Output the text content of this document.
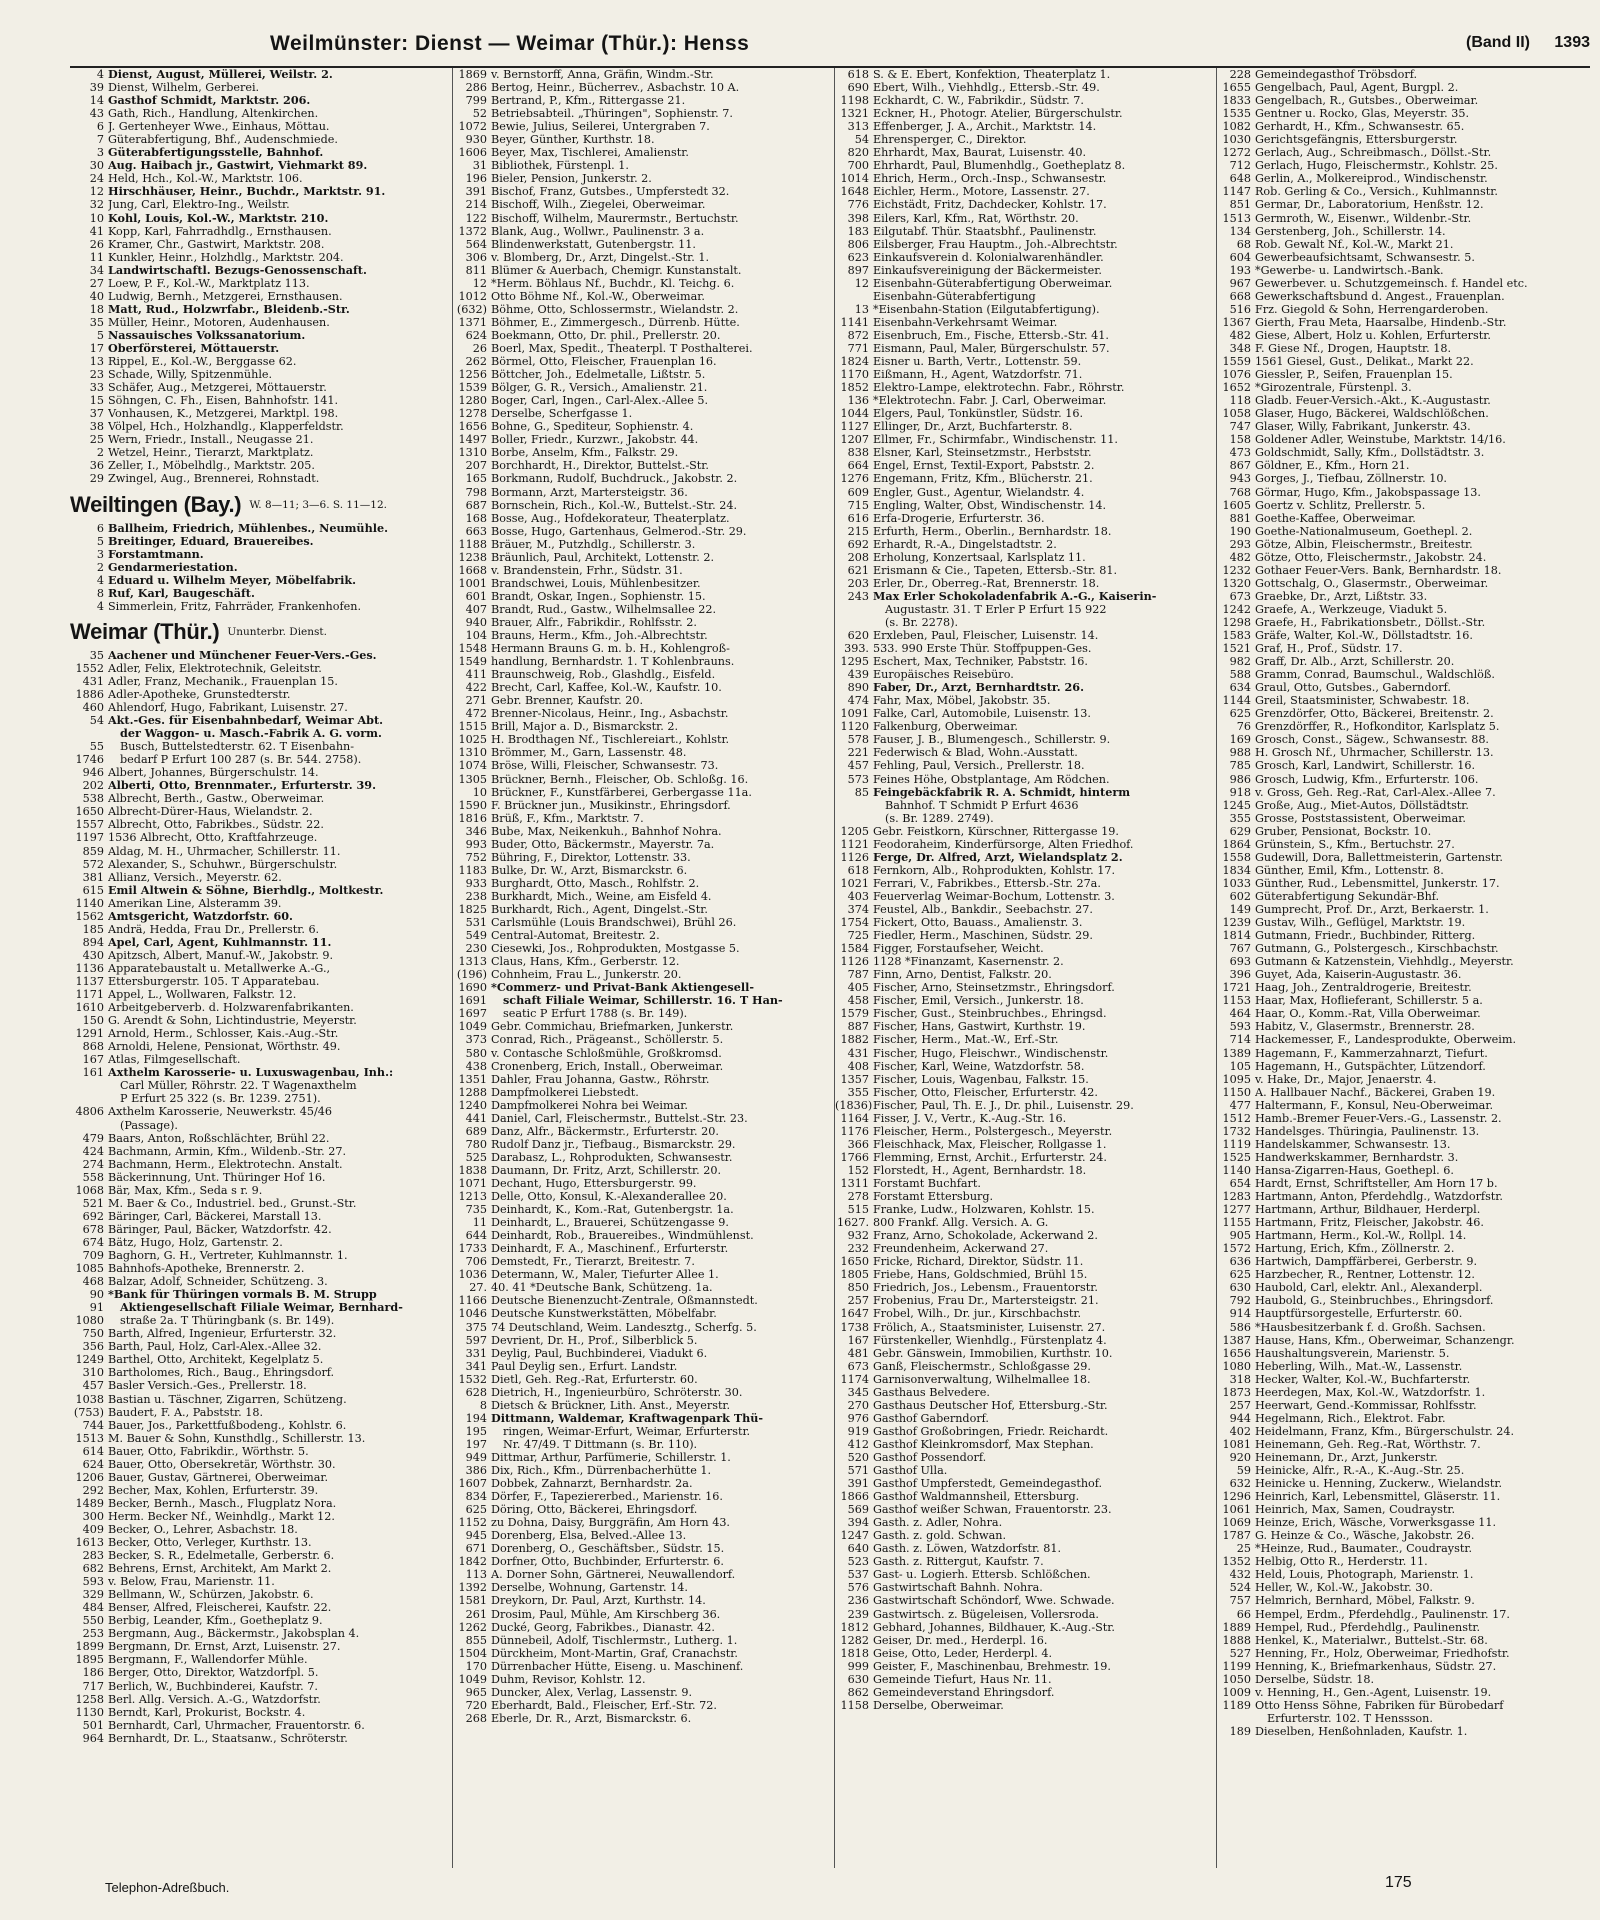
Weilmünster: Dienst — Weimar (Thür.): Henss	(Band II) 1393
4 Dienst, August, Müllerei, Weilstr. 2.
39 Dienst, Wilhelm, Gerberei.
14 Gasthof Schmidt, Marktstr. 206.
43 Gath, Rich., Handlung, Altenkirchen.
6 J. Gertenheyer Wwe., Einhaus, Möttau.
7 Güterabfertigung, Bhf., Audenschmiede.
3 Güterabfertigungsstelle, Bahnhof.
30 Aug. Haibach jr., Gastwirt, Viehmarkt 89.
24 Held, Hch., Kol.-W., Marktstr. 106.
12 Hirschhäuser, Heinr., Buchdr., Marktstr. 91.
32 Jung, Carl, Elektro-Ing., Weilstr.
10 Kohl, Louis, Kol.-W., Marktstr. 210.
41 Kopp, Karl, Fahrradhdlg., Ernsthausen.
26 Kramer, Chr., Gastwirt, Marktstr. 208.
11 Kunkler, Heinr., Holzhdlg., Marktstr. 204.
34 Landwirtschaftl. Bezugs-Genossenschaft.
27 Loew, P. F., Kol.-W., Marktplatz 113.
40 Ludwig, Bernh., Metzgerei, Ernsthausen.
18 Matt, Rud., Holzwrfabr., Bleidenb.-Str.
35 Müller, Heinr., Motoren, Audenhausen.
5 Nassauisches Volkssanatorium.
17 Oberförsterei, Möttauerstr.
13 Rippel, E., Kol.-W., Berggasse 62.
23 Schade, Willy, Spitzenmühle.
33 Schäfer, Aug., Metzgerei, Möttauerstr.
15 Söhngen, C. Fh., Eisen, Bahnhofstr. 141.
37 Vonhausen, K., Metzgerei, Marktpl. 198.
38 Völpel, Hch., Holzhandlg., Klapperfeldstr.
25 Wern, Friedr., Install., Neugasse 21.
2 Wetzel, Heinr., Tierarzt, Marktplatz.
36 Zeller, I., Möbelhdlg., Marktstr. 205.
29 Zwingel, Aug., Brennerei, Rohnstadt.
Weiltingen (Bay.) W. 8—11; 3—6. S. 11—12.
6 Ballheim, Friedrich, Mühlenbes., Neumühle.
5 Breitinger, Eduard, Brauereibes.
3 Forstamtmann.
2 Gendarmeriestation.
4 Eduard u. Wilhelm Meyer, Möbelfabrik.
8 Ruf, Karl, Baugeschäft.
4 Simmerlein, Fritz, Fahrräder, Frankenhofen.
Weimar (Thür.) Ununterbr. Dienst.
35 Aachener und Münchener Feuer-Vers.-Ges.
1552 Adler, Felix, Elektrotechnik, Geleitstr.
431 Adler, Franz, Mechanik., Frauenplan 15.
1886 Adler-Apotheke, Grunstedterstr.
460 Ahlendorf, Hugo, Fabrikant, Luisenstr. 27.
54 Akt.-Ges. für Eisenbahnbedarf, Weimar Abt.
der Waggon- u. Masch.-Fabrik A. G. vorm.
55	Busch, Buttelstedterstr. 62. T Eisenbahn-
1746	bedarf P Erfurt 100 287 (s. Br. 544. 2758).
946 Albert, Johannes, Bürgerschulstr. 14.
202 Alberti, Otto, Brennmater., Erfurterstr. 39.
538 Albrecht, Berth., Gastw., Oberweimar.
1650 Albrecht-Dürer-Haus, Wielandstr. 2.
1557 Albrecht, Otto, Fabrikbes., Südstr. 22.
1197 1536 Albrecht, Otto, Kraftfahrzeuge.
859 Aldag, M. H., Uhrmacher, Schillerstr. 11.
572 Alexander, S., Schuhwr., Bürgerschulstr.
381 Allianz, Versich., Meyerstr. 62.
615 Emil Altwein & Söhne, Bierhdlg., Moltkestr.
1140 Amerikan Line, Alsteramm 39.
1562 Amtsgericht, Watzdorfstr. 60.
185 Andrä, Hedda, Frau Dr., Prellerstr. 6.
894 Apel, Carl, Agent, Kuhlmannstr. 11.
430 Apitzsch, Albert, Manuf.-W., Jakobstr. 9.
1136 Apparatebaustalt u. Metallwerke A.-G.,
1137 Ettersburgerstr. 105. T Apparatebau.
1171 Appel, L., Wollwaren, Falkstr. 12.
1610 Arbeitgeberverb. d. Holzwarenfabrikanten.
150 G. Arendt & Sohn, Lichtindustrie, Meyerstr.
1291 Arnold, Herm., Schlosser, Kais.-Aug.-Str.
868 Arnoldi, Helene, Pensionat, Wörthstr. 49.
167 Atlas, Filmgesellschaft.
161 Axthelm Karosserie- u. Luxuswagenbau, Inh.:
Carl Müller, Röhrstr. 22. T Wagenaxthelm
P Erfurt 25 322 (s. Br. 1239. 2751).
4806 Axthelm Karosserie, Neuwerkstr. 45/46
(Passage).
479 Baars, Anton, Roßschlächter, Brühl 22.
424 Bachmann, Armin, Kfm., Wildenb.-Str. 27.
274 Bachmann, Herm., Elektrotechn. Anstalt.
558 Bäckerinnung, Unt. Thüringer Hof 16.
1068 Bär, Max, Kfm., Seda s r. 9.
521 M. Baer & Co., Industriel. bed., Grunst.-Str.
692 Bäringer, Carl, Bäckerei, Marstall 13.
678 Bäringer, Paul, Bäcker, Watzdorfstr. 42.
674 Bätz, Hugo, Holz, Gartenstr. 2.
709 Baghorn, G. H., Vertreter, Kuhlmannstr. 1.
1085 Bahnhofs-Apotheke, Brennerstr. 2.
468 Balzar, Adolf, Schneider, Schützeng. 3.
90 *Bank für Thüringen vormals B. M. Strupp
91	Aktiengesellschaft Filiale Weimar, Bernhard-
1080	straße 2a. T Thüringbank (s. Br. 149).
750 Barth, Alfred, Ingenieur, Erfurterstr. 32.
356 Barth, Paul, Holz, Carl-Alex.-Allee 32.
1249 Barthel, Otto, Architekt, Kegelplatz 5.
310 Bartholomes, Rich., Baug., Ehringsdorf.
457 Basler Versich.-Ges., Prellerstr. 18.
1038 Bastian u. Täschner, Zigarren, Schützeng.
(753) Baudert, F. A., Pabststr. 18.
744 Bauer, Jos., Parkettfußbodeng., Kohlstr. 6.
1513 M. Bauer & Sohn, Kunsthdlg., Schillerstr. 13.
614 Bauer, Otto, Fabrikdir., Wörthstr. 5.
624 Bauer, Otto, Obersekretär, Wörthstr. 30.
1206 Bauer, Gustav, Gärtnerei, Oberweimar.
292 Becher, Max, Kohlen, Erfurterstr. 39.
1489 Becker, Bernh., Masch., Flugplatz Nora.
300 Herm. Becker Nf., Weinhdlg., Markt 12.
409 Becker, O., Lehrer, Asbachstr. 18.
1613 Becker, Otto, Verleger, Kurthstr. 13.
283 Becker, S. R., Edelmetalle, Gerberstr. 6.
682 Behrens, Ernst, Architekt, Am Markt 2.
593 v. Below, Frau, Marienstr. 11.
329 Bellmann, W., Schürzen, Jakobstr. 6.
484 Benser, Alfred, Fleischerei, Kaufstr. 22.
550 Berbig, Leander, Kfm., Goetheplatz 9.
253 Bergmann, Aug., Bäckermstr., Jakobsplan 4.
1899 Bergmann, Dr. Ernst, Arzt, Luisenstr. 27.
1895 Bergmann, F., Wallendorfer Mühle.
186 Berger, Otto, Direktor, Watzdorfpl. 5.
717 Berlich, W., Buchbinderei, Kaufstr. 7.
1258 Berl. Allg. Versich. A.-G., Watzdorfstr.
1130 Berndt, Karl, Prokurist, Bockstr. 4.
501 Bernhardt, Carl, Uhrmacher, Frauentorstr. 6.
964 Bernhardt, Dr. L., Staatsanw., Schröterstr.
1869 v. Bernstorff, Anna, Gräfin, Windm.-Str.
286 Bertog, Heinr., Bücherrev., Asbachstr. 10 A.
799 Bertrand, P., Kfm., Rittergasse 21.
52 Betriebsabteil. „Thüringen", Sophienstr. 7.
1072 Bewie, Julius, Seilerei, Untergraben 7.
930 Beyer, Günther, Kurthstr. 18.
1606 Beyer, Max, Tischlerei, Amalienstr.
31 Bibliothek, Fürstenpl. 1.
196 Bieler, Pension, Junkerstr. 2.
391 Bischof, Franz, Gutsbes., Umpferstedt 32.
214 Bischoff, Wilh., Ziegelei, Oberweimar.
122 Bischoff, Wilhelm, Maurermstr., Bertuchstr.
1372 Blank, Aug., Wollwr., Paulinenstr. 3 a.
564 Blindenwerkstatt, Gutenbergstr. 11.
306 v. Blomberg, Dr., Arzt, Dingelst.-Str. 1.
811 Blümer & Auerbach, Chemigr. Kunstanstalt.
12 *Herm. Böhlaus Nf., Buchdr., Kl. Teichg. 6.
1012 Otto Böhme Nf., Kol.-W., Oberweimar.
(632) Böhme, Otto, Schlossermstr., Wielandstr. 2.
1371 Böhmer, E., Zimmergesch., Dürrenb. Hütte.
624 Boekmann, Otto, Dr. phil., Prellerstr. 20.
26 Boerl, Max, Spedit., Theaterpl. T Posthalterei.
262 Börmel, Otto, Fleischer, Frauenplan 16.
1256 Böttcher, Joh., Edelmetalle, Lißtstr. 5.
1539 Bölger, G. R., Versich., Amalienstr. 21.
1280 Boger, Carl, Ingen., Carl-Alex.-Allee 5.
1278 Derselbe, Scherfgasse 1.
1656 Bohne, G., Spediteur, Sophienstr. 4.
1497 Boller, Friedr., Kurzwr., Jakobstr. 44.
1310 Borbe, Anselm, Kfm., Falkstr. 29.
207 Borchhardt, H., Direktor, Buttelst.-Str.
165 Borkmann, Rudolf, Buchdruck., Jakobstr. 2.
798 Bormann, Arzt, Martersteigstr. 36.
687 Bornschein, Rich., Kol.-W., Buttelst.-Str. 24.
168 Bosse, Aug., Hofdekorateur, Theaterplatz.
663 Bosse, Hugo, Gartenhaus, Gelmerod.-Str. 29.
1188 Bräuer, M., Putzhdlg., Schillerstr. 3.
1238 Bräunlich, Paul, Architekt, Lottenstr. 2.
1668 v. Brandenstein, Frhr., Südstr. 31.
1001 Brandschwei, Louis, Mühlenbesitzer.
601 Brandt, Oskar, Ingen., Sophienstr. 15.
407 Brandt, Rud., Gastw., Wilhelmsallee 22.
940 Brauer, Alfr., Fabrikdir., Rohlfsstr. 2.
104 Brauns, Herm., Kfm., Joh.-Albrechtstr.
1548 Hermann Brauns G. m. b. H., Kohlengroß-
1549 handlung, Bernhardstr. 1. T Kohlenbrauns.
411 Braunschweig, Rob., Glashdlg., Eisfeld.
422 Brecht, Carl, Kaffee, Kol.-W., Kaufstr. 10.
271 Gebr. Brenner, Kaufstr. 20.
472 Brenner-Nicolaus, Heinr., Ing., Asbachstr.
1515 Brill, Major a. D., Bismarckstr. 2.
1025 H. Brodthagen Nf., Tischlereiart., Kohlstr.
1310 Brömmer, M., Garn, Lassenstr. 48.
1074 Bröse, Willi, Fleischer, Schwansestr. 73.
1305 Brückner, Bernh., Fleischer, Ob. Schloßg. 16.
10 Brückner, F., Kunstfärberei, Gerbergasse 11a.
1590 F. Brückner jun., Musikinstr., Ehringsdorf.
1816 Brüß, F., Kfm., Marktstr. 7.
346 Bube, Max, Neikenkuh., Bahnhof Nohra.
993 Buder, Otto, Bäckermstr., Mayerstr. 7a.
752 Bühring, F., Direktor, Lottenstr. 33.
1183 Bulke, Dr. W., Arzt, Bismarckstr. 6.
933 Burghardt, Otto, Masch., Rohlfstr. 2.
238 Burkhardt, Mich., Weine, am Eisfeld 4.
1825 Burkhardt, Rich., Agent, Dingelst.-Str.
531 Carlsmühle (Louis Brandschwei), Brühl 26.
549 Central-Automat, Breitestr. 2.
230 Ciesewki, Jos., Rohprodukten, Mostgasse 5.
1313 Claus, Hans, Kfm., Gerberstr. 12.
(196) Cohnheim, Frau L., Junkerstr. 20.
1690 *Commerz- und Privat-Bank Aktiengesell-
1691	schaft Filiale Weimar, Schillerstr. 16. T Han-
1697	seatic P Erfurt 1788 (s. Br. 149).
1049 Gebr. Commichau, Briefmarken, Junkerstr.
373 Conrad, Rich., Prägeanst., Schöllerstr. 5.
580 v. Contasche Schloßmühle, Großkromsd.
438 Cronenberg, Erich, Install., Oberweimar.
1351 Dahler, Frau Johanna, Gastw., Röhrstr.
1288 Dampfmolkerei Liebstedt.
1240 Dampfmolkerei Nohra bei Weimar.
441 Daniel, Carl, Fleischermstr., Buttelst.-Str. 23.
689 Danz, Alfr., Bäckermstr., Erfurterstr. 20.
780 Rudolf Danz jr., Tiefbaug., Bismarckstr. 29.
525 Darabasz, L., Rohprodukten, Schwansestr.
1838 Daumann, Dr. Fritz, Arzt, Schillerstr. 20.
1071 Dechant, Hugo, Ettersburgerstr. 99.
1213 Delle, Otto, Konsul, K.-Alexanderallee 20.
735 Deinhardt, K., Kom.-Rat, Gutenbergstr. 1a.
11 Deinhardt, L., Brauerei, Schützengasse 9.
644 Deinhardt, Rob., Brauereibes., Windmühlenst.
1733 Deinhardt, F. A., Maschinenf., Erfurterstr.
706 Demstedt, Fr., Tierarzt, Breitestr. 7.
1036 Determann, W., Maler, Tiefurter Allee 1.
27. 40. 41 *Deutsche Bank, Schützeng. 1a.
1166 Deutsche Bienenzucht-Zentrale, Oßmannstedt.
1046 Deutsche Kunstwerkstätten, Möbelfabr.
375 74 Deutschland, Weim. Landesztg., Scherfg. 5.
597 Devrient, Dr. H., Prof., Silberblick 5.
331 Deylig, Paul, Buchbinderei, Viadukt 6.
341 Paul Deylig sen., Erfurt. Landstr.
1532 Dietl, Geh. Reg.-Rat, Erfurterstr. 60.
628 Dietrich, H., Ingenieurbüro, Schröterstr. 30.
8 Dietsch & Brückner, Lith. Anst., Meyerstr.
194 Dittmann, Waldemar, Kraftwagenpark Thü-
195	ringen, Weimar-Erfurt, Weimar, Erfurterstr.
197	Nr. 47/49. T Dittmann (s. Br. 110).
949 Dittmar, Arthur, Parfümerie, Schillerstr. 1.
386 Dix, Rich., Kfm., Dürrenbacherhütte 1.
1607 Dobbek, Zahnarzt, Bernhardstr. 2a.
834 Dörfer, F., Tapeziererbed., Marienstr. 16.
625 Döring, Otto, Bäckerei, Ehringsdorf.
1152 zu Dohna, Daisy, Burggräfin, Am Horn 43.
945 Dorenberg, Elsa, Belved.-Allee 13.
671 Dorenberg, O., Geschäftsber., Südstr. 15.
1842 Dorfner, Otto, Buchbinder, Erfurterstr. 6.
113 A. Dorner Sohn, Gärtnerei, Neuwallendorf.
1392 Derselbe, Wohnung, Gartenstr. 14.
1581 Dreykorn, Dr. Paul, Arzt, Kurthstr. 14.
261 Drosim, Paul, Mühle, Am Kirschberg 36.
1262 Ducké, Georg, Fabrikbes., Dianastr. 42.
855 Dünnebeil, Adolf, Tischlermstr., Lutherg. 1.
1504 Dürckheim, Mont-Martin, Graf, Cranachstr.
170 Dürrenbacher Hütte, Eiseng. u. Maschinenf.
1049 Duhm, Revisor, Kohlstr. 12.
965 Duncker, Alex, Verlag, Lassenstr. 9.
720 Eberhardt, Bald., Fleischer, Erf.-Str. 72.
268 Eberle, Dr. R., Arzt, Bismarckstr. 6.
618 S. & E. Ebert, Konfektion, Theaterplatz 1.
690 Ebert, Wilh., Viehhdlg., Ettersb.-Str. 49.
1198 Eckhardt, C. W., Fabrikdir., Südstr. 7.
1321 Eckner, H., Photogr. Atelier, Bürgerschulstr.
313 Effenberger, J. A., Archit., Marktstr. 14.
54 Ehrensperger, C., Direktor.
820 Ehrhardt, Max, Baurat, Luisenstr. 40.
700 Ehrhardt, Paul, Blumenhdlg., Goetheplatz 8.
1014 Ehrich, Herm., Orch.-Insp., Schwansestr.
1648 Eichler, Herm., Motore, Lassenstr. 27.
776 Eichstädt, Fritz, Dachdecker, Kohlstr. 17.
398 Eilers, Karl, Kfm., Rat, Wörthstr. 20.
183 Eilgutabf. Thür. Staatsbhf., Paulinenstr.
806 Eilsberger, Frau Hauptm., Joh.-Albrechtstr.
623 Einkaufsverein d. Kolonialwarenhändler.
897 Einkaufsvereinigung der Bäckermeister.
12 Eisenbahn-Güterabfertigung Oberweimar.
Eisenbahn-Güterabfertigung
13 *Eisenbahn-Station (Eilgutabfertigung).
1141 Eisenbahn-Verkehrsamt Weimar.
872 Eisenbruch, Em., Fische, Ettersb.-Str. 41.
771 Eismann, Paul, Maler, Bürgerschulstr. 57.
1824 Eisner u. Barth, Vertr., Lottenstr. 59.
1170 Eißmann, H., Agent, Watzdorfstr. 71.
1852 Elektro-Lampe, elektrotechn. Fabr., Röhrstr.
136 *Elektrotechn. Fabr. J. Carl, Oberweimar.
1044 Elgers, Paul, Tonkünstler, Südstr. 16.
1127 Ellinger, Dr., Arzt, Buchfarterstr. 8.
1207 Ellmer, Fr., Schirmfabr., Windischenstr. 11.
838 Elsner, Karl, Steinsetzmstr., Herbststr.
664 Engel, Ernst, Textil-Export, Pabststr. 2.
1276 Engemann, Fritz, Kfm., Blücherstr. 21.
609 Engler, Gust., Agentur, Wielandstr. 4.
715 Engling, Walter, Obst, Windischenstr. 14.
616 Erfa-Drogerie, Erfurterstr. 36.
215 Erfurth, Herm., Oberlin., Bernhardstr. 18.
692 Erhardt, R.-A., Dingelstadtstr. 2.
208 Erholung, Konzertsaal, Karlsplatz 11.
621 Erismann & Cie., Tapeten, Ettersb.-Str. 81.
203 Erler, Dr., Oberreg.-Rat, Brennerstr. 18.
243 Max Erler Schokoladenfabrik A.-G., Kaiserin-
Augustastr. 31. T Erler P Erfurt 15 922
(s. Br. 2278).
620 Erxleben, Paul, Fleischer, Luisenstr. 14.
393. 533. 990 Erste Thür. Stoffpuppen-Ges.
1295 Eschert, Max, Techniker, Pabststr. 16.
439 Europäisches Reisebüro.
890 Faber, Dr., Arzt, Bernhardtstr. 26.
474 Fahr, Max, Möbel, Jakobstr. 35.
1091 Falke, Carl, Automobile, Luisenstr. 13.
1120 Falkenburg, Oberweimar.
578 Fauser, J. B., Blumengesch., Schillerstr. 9.
221 Federwisch & Blad, Wohn.-Ausstatt.
457 Fehling, Paul, Versich., Prellerstr. 18.
573 Feines Höhe, Obstplantage, Am Rödchen.
85 Feingebäckfabrik R. A. Schmidt, hinterm
Bahnhof. T Schmidt P Erfurt 4636
(s. Br. 1289. 2749).
1205 Gebr. Feistkorn, Kürschner, Rittergasse 19.
1121 Feodoraheim, Kinderfürsorge, Alten Friedhof.
1126 Ferge, Dr. Alfred, Arzt, Wielandsplatz 2.
618 Fernkorn, Alb., Rohprodukten, Kohlstr. 17.
1021 Ferrari, V., Fabrikbes., Ettersb.-Str. 27a.
403 Feuerverlag Weimar-Bochum, Lottenstr. 3.
374 Feustel, Alb., Bankdir., Seebachstr. 27.
1754 Fickert, Otto, Bauass., Amalienstr. 3.
725 Fiedler, Herm., Maschinen, Südstr. 29.
1584 Figger, Forstaufseher, Weicht.
1126 1128 *Finanzamt, Kasernenstr. 2.
787 Finn, Arno, Dentist, Falkstr. 20.
405 Fischer, Arno, Steinsetzmstr., Ehringsdorf.
458 Fischer, Emil, Versich., Junkerstr. 18.
1579 Fischer, Gust., Steinbruchbes., Ehringsd.
887 Fischer, Hans, Gastwirt, Kurthstr. 19.
1882 Fischer, Herm., Mat.-W., Erf.-Str.
431 Fischer, Hugo, Fleischwr., Windischenstr.
408 Fischer, Karl, Weine, Watzdorfstr. 58.
1357 Fischer, Louis, Wagenbau, Falkstr. 15.
355 Fischer, Otto, Fleischer, Erfurterstr. 42.
(1836) Fischer, Paul, Th. E. J., Dr. phil., Luisenstr. 29.
1164 Fisser, J. V., Vertr., K.-Aug.-Str. 16.
1176 Fleischer, Herm., Polstergesch., Meyerstr.
366 Fleischhack, Max, Fleischer, Rollgasse 1.
1766 Flemming, Ernst, Archit., Erfurterstr. 24.
152 Florstedt, H., Agent, Bernhardstr. 18.
1311 Forstamt Buchfart.
278 Forstamt Ettersburg.
515 Franke, Ludw., Holzwaren, Kohlstr. 15.
1627. 800 Frankf. Allg. Versich. A. G.
932 Franz, Arno, Schokolade, Ackerwand 2.
232 Freundenheim, Ackerwand 27.
1650 Fricke, Richard, Direktor, Südstr. 11.
1805 Friebe, Hans, Goldschmied, Brühl 15.
850 Friedrich, Jos., Lebensm., Frauentorstr.
257 Frobenius, Frau Dr., Martersteigstr. 21.
1647 Frobel, Wilh., Dr. jur., Kirschbachstr.
1738 Frölich, A., Staatsminister, Luisenstr. 27.
167 Fürstenkeller, Wienhdlg., Fürstenplatz 4.
481 Gebr. Gänswein, Immobilien, Kurthstr. 10.
673 Ganß, Fleischermstr., Schloßgasse 29.
1174 Garnisonverwaltung, Wilhelmallee 18.
345 Gasthaus Belvedere.
270 Gasthaus Deutscher Hof, Ettersburg.-Str.
976 Gasthof Gaberndorf.
919 Gasthof Großobringen, Friedr. Reichardt.
412 Gasthof Kleinkromsdorf, Max Stephan.
520 Gasthof Possendorf.
571 Gasthof Ulla.
391 Gasthof Umpferstedt, Gemeindegasthof.
1866 Gasthof Waldmannsheil, Ettersburg.
569 Gasthof weißer Schwan, Frauentorstr. 23.
394 Gasth. z. Adler, Nohra.
1247 Gasth. z. gold. Schwan.
640 Gasth. z. Löwen, Watzdorfstr. 81.
523 Gasth. z. Rittergut, Kaufstr. 7.
537 Gast- u. Logierh. Ettersb. Schlößchen.
576 Gastwirtschaft Bahnh. Nohra.
236 Gastwirtschaft Schöndorf, Wwe. Schwade.
239 Gastwirtsch. z. Bügeleisen, Vollersroda.
1812 Gebhard, Johannes, Bildhauer, K.-Aug.-Str.
1282 Geiser, Dr. med., Herderpl. 16.
1818 Geise, Otto, Leder, Herderpl. 4.
999 Geister, F., Maschinenbau, Brehmestr. 19.
630 Gemeinde Tiefurt, Haus Nr. 11.
862 Gemeindeverstand Ehringsdorf.
1158 Derselbe, Oberweimar.
228 Gemeindegasthof Tröbsdorf.
1655 Gengelbach, Paul, Agent, Burgpl. 2.
1833 Gengelbach, R., Gutsbes., Oberweimar.
1535 Gentner u. Rocko, Glas, Meyerstr. 35.
1082 Gerhardt, H., Kfm., Schwansestr. 65.
1030 Gerichtsgefängnis, Ettersburgerstr.
1272 Gerlach, Aug., Schreibmasch., Döllst.-Str.
712 Gerlach, Hugo, Fleischermstr., Kohlstr. 25.
648 Gerlin, A., Molkereiprod., Windischenstr.
1147 Rob. Gerling & Co., Versich., Kuhlmannstr.
851 Germar, Dr., Laboratorium, Henßstr. 12.
1513 Germroth, W., Eisenwr., Wildenbr.-Str.
134 Gerstenberg, Joh., Schillerstr. 14.
68 Rob. Gewalt Nf., Kol.-W., Markt 21.
604 Gewerbeaufsichtsamt, Schwansestr. 5.
193 *Gewerbe- u. Landwirtsch.-Bank.
967 Gewerbever. u. Schutzgemeinsch. f. Handel etc.
668 Gewerkschaftsbund d. Angest., Frauenplan.
516 Frz. Giegold & Sohn, Herrengarderoben.
1367 Gierth, Frau Meta, Haarsalbe, Hindenb.-Str.
482 Giese, Albert, Holz u. Kohlen, Erfurterstr.
348 F. Giese Nf., Drogen, Hauptstr. 18.
1559 1561 Giesel, Gust., Delikat., Markt 22.
1076 Giessler, P., Seifen, Frauenplan 15.
1652 *Girozentrale, Fürstenpl. 3.
118 Gladb. Feuer-Versich.-Akt., K.-Augustastr.
1058 Glaser, Hugo, Bäckerei, Waldschlößchen.
747 Glaser, Willy, Fabrikant, Junkerstr. 43.
158 Goldener Adler, Weinstube, Marktstr. 14/16.
473 Goldschmidt, Sally, Kfm., Dollstädtstr. 3.
867 Göldner, E., Kfm., Horn 21.
943 Gorges, J., Tiefbau, Zöllnerstr. 10.
768 Görmar, Hugo, Kfm., Jakobspassage 13.
1605 Goertz v. Schlitz, Prellerstr. 5.
881 Goethe-Kaffee, Oberweimar.
190 Goethe-Nationalmuseum, Goethepl. 2.
293 Götze, Albin, Fleischermstr., Breitestr.
482 Götze, Otto, Fleischermstr., Jakobstr. 24.
1232 Gothaer Feuer-Vers. Bank, Bernhardstr. 18.
1320 Gottschalg, O., Glasermstr., Oberweimar.
673 Graebke, Dr., Arzt, Lißtstr. 33.
1242 Graefe, A., Werkzeuge, Viadukt 5.
1298 Graefe, H., Fabrikationsbetr., Döllst.-Str.
1583 Gräfe, Walter, Kol.-W., Döllstadtstr. 16.
1521 Graf, H., Prof., Südstr. 17.
982 Graff, Dr. Alb., Arzt, Schillerstr. 20.
588 Gramm, Conrad, Baumschul., Waldschlöß.
634 Graul, Otto, Gutsbes., Gaberndorf.
1144 Greil, Staatsminister, Schwabestr. 18.
625 Grenzdörfer, Otto, Bäckerei, Breitenstr. 2.
76 Grenzdörffer, R., Hofkonditor, Karlsplatz 5.
169 Grosch, Const., Sägew., Schwansestr. 88.
988 H. Grosch Nf., Uhrmacher, Schillerstr. 13.
785 Grosch, Karl, Landwirt, Schillerstr. 16.
986 Grosch, Ludwig, Kfm., Erfurterstr. 106.
918 v. Gross, Geh. Reg.-Rat, Carl-Alex.-Allee 7.
1245 Große, Aug., Miet-Autos, Döllstädtstr.
355 Grosse, Poststassistent, Oberweimar.
629 Gruber, Pensionat, Bockstr. 10.
1864 Grünstein, S., Kfm., Bertuchstr. 27.
1558 Gudewill, Dora, Ballettmeisterin, Gartenstr.
1834 Günther, Emil, Kfm., Lottenstr. 8.
1033 Günther, Rud., Lebensmittel, Junkerstr. 17.
602 Güterabfertigung Sekundär-Bhf.
149 Gumprecht, Prof. Dr., Arzt, Berkaerstr. 1.
1239 Gustav, Wilh., Geflügel, Marktstr. 19.
1814 Gutmann, Friedr., Buchbinder, Ritterg.
767 Gutmann, G., Polstergesch., Kirschbachstr.
693 Gutmann & Katzenstein, Viehhdlg., Meyerstr.
396 Guyet, Ada, Kaiserin-Augustastr. 36.
1721 Haag, Joh., Zentraldrogerie, Breitestr.
1153 Haar, Max, Hoflieferant, Schillerstr. 5 a.
464 Haar, O., Komm.-Rat, Villa Oberweimar.
593 Habitz, V., Glasermstr., Brennerstr. 28.
714 Hackemesser, F., Landesprodukte, Oberweim.
1389 Hagemann, F., Kammerzahnarzt, Tiefurt.
105 Hagemann, H., Gutspächter, Lützendorf.
1095 v. Hake, Dr., Major, Jenaerstr. 4.
1150 A. Hallbauer Nachf., Bäckerei, Graben 19.
477 Haltermann, F., Konsul, Neu-Oberweimar.
1512 Hamb.-Bremer Feuer-Vers.-G., Lassenstr. 2.
1732 Handelsges. Thüringia, Paulinenstr. 13.
1119 Handelskammer, Schwansestr. 13.
1525 Handwerkskammer, Bernhardstr. 3.
1140 Hansa-Zigarren-Haus, Goethepl. 6.
654 Hardt, Ernst, Schriftsteller, Am Horn 17 b.
1283 Hartmann, Anton, Pferdehdlg., Watzdorfstr.
1277 Hartmann, Arthur, Bildhauer, Herderpl.
1155 Hartmann, Fritz, Fleischer, Jakobstr. 46.
905 Hartmann, Herm., Kol.-W., Rollpl. 14.
1572 Hartung, Erich, Kfm., Zöllnerstr. 2.
636 Hartwich, Dampffärberei, Gerberstr. 9.
625 Harzbecher, R., Rentner, Lottenstr. 12.
630 Haubold, Carl, elektr. Anl., Alexanderpl.
792 Haubold, G., Steinbruchbes., Ehringsdorf.
914 Hauptfürsorgestelle, Erfurterstr. 60.
586 *Hausbesitzerbank f. d. Großh. Sachsen.
1387 Hause, Hans, Kfm., Oberweimar, Schanzengr.
1656 Haushaltungsverein, Marienstr. 5.
1080 Heberling, Wilh., Mat.-W., Lassenstr.
318 Hecker, Walter, Kol.-W., Buchfarterstr.
1873 Heerdegen, Max, Kol.-W., Watzdorfstr. 1.
257 Heerwart, Gend.-Kommissar, Rohlfsstr.
944 Hegelmann, Rich., Elektrot. Fabr.
402 Heidelmann, Franz, Kfm., Bürgerschulstr. 24.
1081 Heinemann, Geh. Reg.-Rat, Wörthstr. 7.
920 Heinemann, Dr., Arzt, Junkerstr.
59 Heinicke, Alfr., R.-A., K.-Aug.-Str. 25.
632 Heinicke u. Henning, Zuckerw., Wielandstr.
1296 Heinrich, Karl, Lebensmittel, Gläserstr. 11.
1061 Heinrich, Max, Samen, Coudraystr.
1069 Heinze, Erich, Wäsche, Vorwerksgasse 11.
1787 G. Heinze & Co., Wäsche, Jakobstr. 26.
25 *Heinze, Rud., Baumater., Coudraystr.
1352 Helbig, Otto R., Herderstr. 11.
432 Held, Louis, Photograph, Marienstr. 1.
524 Heller, W., Kol.-W., Jakobstr. 30.
757 Helmrich, Bernhard, Möbel, Falkstr. 9.
66 Hempel, Erdm., Pferdehdlg., Paulinenstr. 17.
1889 Hempel, Rud., Pferdehdlg., Paulinenstr.
1888 Henkel, K., Materialwr., Buttelst.-Str. 68.
527 Henning, Fr., Holz, Oberweimar, Friedhofstr.
1199 Henning, K., Briefmarkenhaus, Südstr. 27.
1050 Derselbe, Südstr. 18.
1009 v. Henning, H., Gen.-Agent, Luisenstr. 19.
1189 Otto Henss Söhne, Fabriken für Bürobedarf
Erfurterstr. 102. T Henssson.
189 Dieselben, Henßohnladen, Kaufstr. 1.
Telephon-Adreßbuch.	175
